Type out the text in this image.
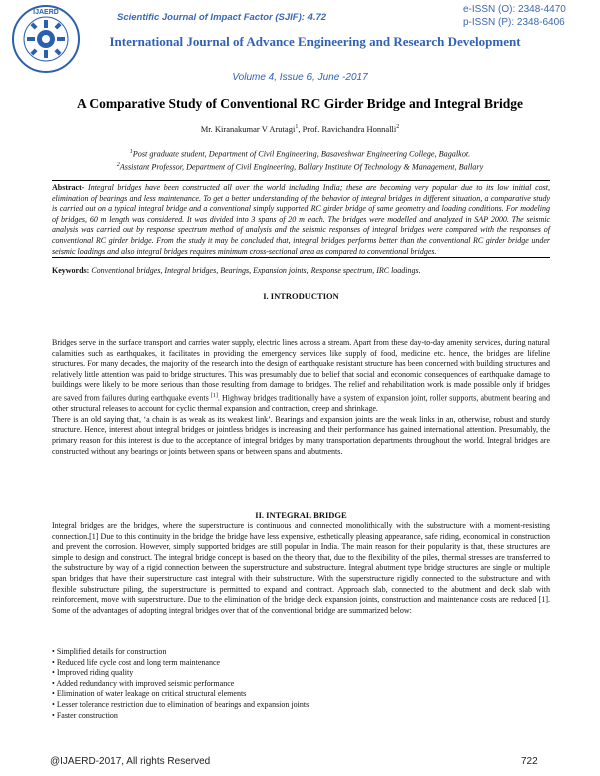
IJAERD	Scientific Journal of Impact Factor (SJIF): 4.72
e-ISSN (O): 2348-4470
p-ISSN (P): 2348-6406
International Journal of Advance Engineering and Research Development
Volume 4, Issue 6, June -2017
A Comparative Study of Conventional RC Girder Bridge and Integral Bridge
Mr. Kiranakumar V Arutagi$^1$, Prof. Ravichandra Honnalli$^2$
$^1$Post graduate student, Department of Civil Engineering, Basaveshwar Engineering College, Bagalkot.
$^2$Assistant Professor, Department of Civil Engineering, Ballary Institute Of Technology & Management, Ballary
Abstract- Integral bridges have been constructed all over the world including India; these are becoming very popular due to its low initial cost, elimination of bearings and less maintenance. To get a better understanding of the behavior of integral bridges in different situation, a comparative study is carried out on a typical integral bridge and a conventional simply supported RC girder bridge of same geometry and loading conditions. For modeling of bridges, 60 m length was considered. It was divided into 3 spans of 20 m each. The bridges were modelled and analyzed in SAP 2000. The seismic analysis was carried out by response spectrum method of analysis and the seismic responses of integral bridges were compared with the responses of conventional RC girder bridge. From the study it may be concluded that, integral bridges performs better than the conventional RC girder bridge under seismic loadings and also integral bridges requires minimum cross-sectional area as compared to conventional bridges.
Keywords: Conventional bridges, Integral bridges, Bearings, Expansion joints, Response spectrum, IRC loadings.
I. INTRODUCTION
Bridges serve in the surface transport and carries water supply, electric lines across a stream. Apart from these day-to-day amenity services, during natural calamities such as earthquakes, it facilitates in providing the emergency services like supply of food, medicine etc. hence, the bridges are lifeline structures. For many decades, the majority of the research into the design of earthquake resistant structure has been concerned with building structures and relatively little attention was paid to bridge structures. This was presumably due to belief that social and economic consequences of earthquake damage to buildings were likely to be more serious than those resulting from damage to bridges. The relief and rehabilitation work is made possible only if bridges are saved from failures during earthquake events [1]. Highway bridges traditionally have a system of expansion joint, roller supports, abutment bearing and other structural releases to account for cyclic thermal expansion and contraction, creep and shrinkage.
There is an old saying that, ‘a chain is as weak as its weakest link’. Bearings and expansion joints are the weak links in an, otherwise, robust and sturdy structure. Hence, interest about integral bridges or jointless bridges is increasing and their performance has gained international attention. Presumably, the primary reason for this interest is due to the acceptance of integral bridges by many transportation departments throughout the world. Integral bridges are constructed without any bearings or joints between spans or between spans and abutments.
II. INTEGRAL BRIDGE
Integral bridges are the bridges, where the superstructure is continuous and connected monolithically with the substructure with a moment-resisting connection.[1] Due to this continuity in the bridge the bridge have less expensive, esthetically pleasing appearance, safe riding, economical in construction and prevent the corrosion. However, simply supported bridges are still popular in India. The main reason for their popularity is that, these structures are simple to design and construct. The integral bridge concept is based on the theory that, due to the flexibility of the piles, thermal stresses are transferred to the substructure by way of a rigid connection between the superstructure and substructure. Integral abutment type bridge structures are single or multiple span bridges that have their superstructure cast integral with their substructure. With the superstructure rigidly connected to the substructure and with flexible substructure piling, the superstructure is permitted to expand and contract. Approach slab, connected to the abutment and deck slab with reinforcement, move with superstructure. Due to the elimination of the bridge deck expansion joints, construction and maintenance costs are reduced [1]. Some of the advantages of adopting integral bridges over that of the conventional bridge are summarized below:
• Simplified details for construction
• Reduced life cycle cost and long term maintenance
• Improved riding quality
• Added redundancy with improved seismic performance
• Elimination of water leakage on critical structural elements
• Lesser tolerance restriction due to elimination of bearings and expansion joints
• Faster construction
@IJAERD-2017, All rights Reserved	722
